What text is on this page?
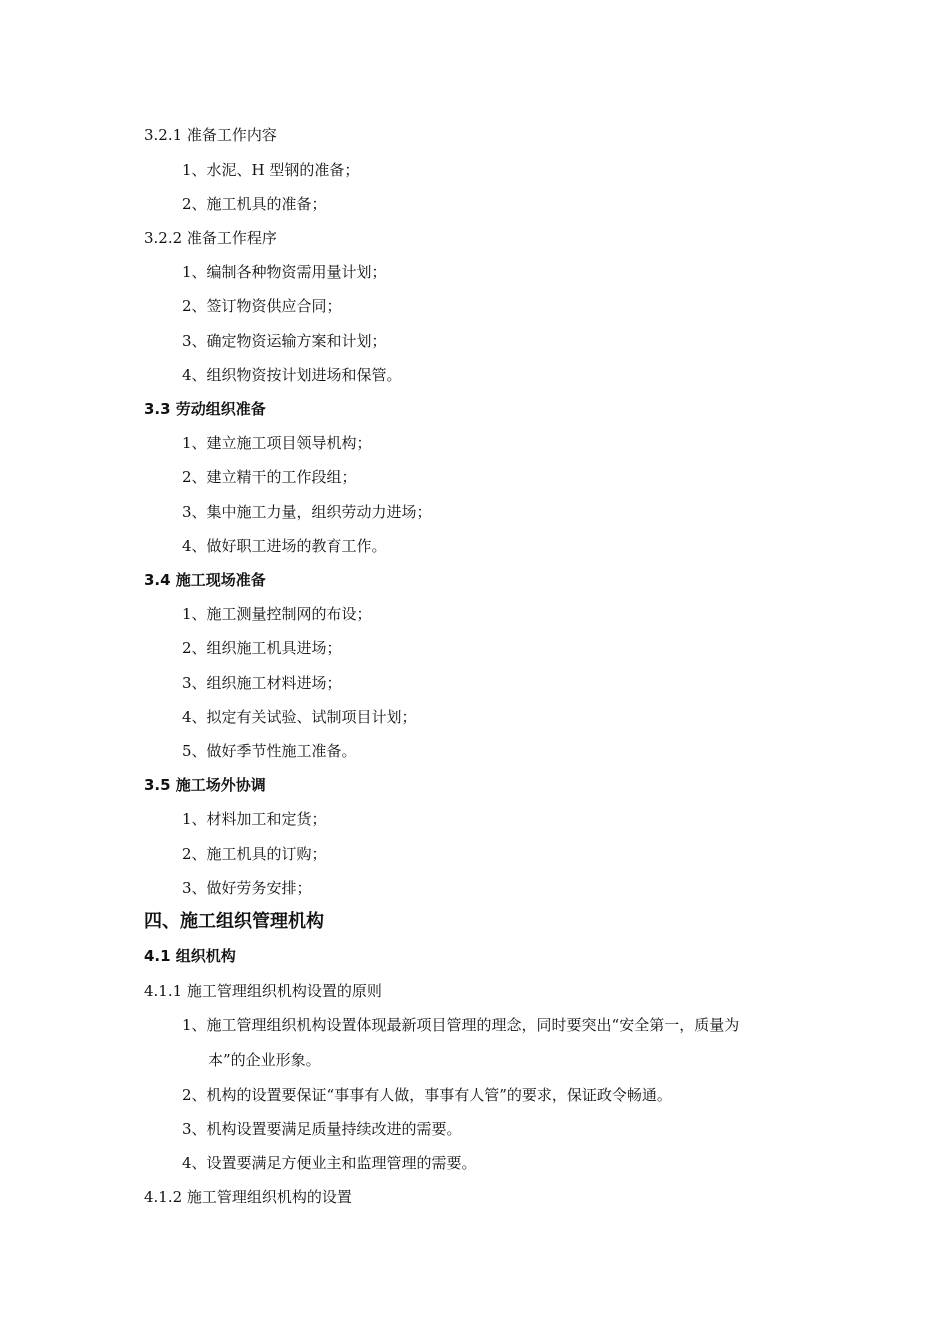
3.2.1 准备工作内容
1、水泥、H 型钢的准备；
2、施工机具的准备；
3.2.2 准备工作程序
1、编制各种物资需用量计划；
2、签订物资供应合同；
3、确定物资运输方案和计划；
4、组织物资按计划进场和保管。
3.3 劳动组织准备
1、建立施工项目领导机构；
2、建立精干的工作段组；
3、集中施工力量，组织劳动力进场；
4、做好职工进场的教育工作。
3.4 施工现场准备
1、施工测量控制网的布设；
2、组织施工机具进场；
3、组织施工材料进场；
4、拟定有关试验、试制项目计划；
5、做好季节性施工准备。
3.5 施工场外协调
1、材料加工和定货；
2、施工机具的订购；
3、做好劳务安排；
四、施工组织管理机构
4.1 组织机构
4.1.1 施工管理组织机构设置的原则
1、施工管理组织机构设置体现最新项目管理的理念，同时要突出“安全第一，质量为
本”的企业形象。
2、机构的设置要保证“事事有人做，事事有人管”的要求，保证政令畅通。
3、机构设置要满足质量持续改进的需要。
4、设置要满足方便业主和监理管理的需要。
4.1.2 施工管理组织机构的设置
